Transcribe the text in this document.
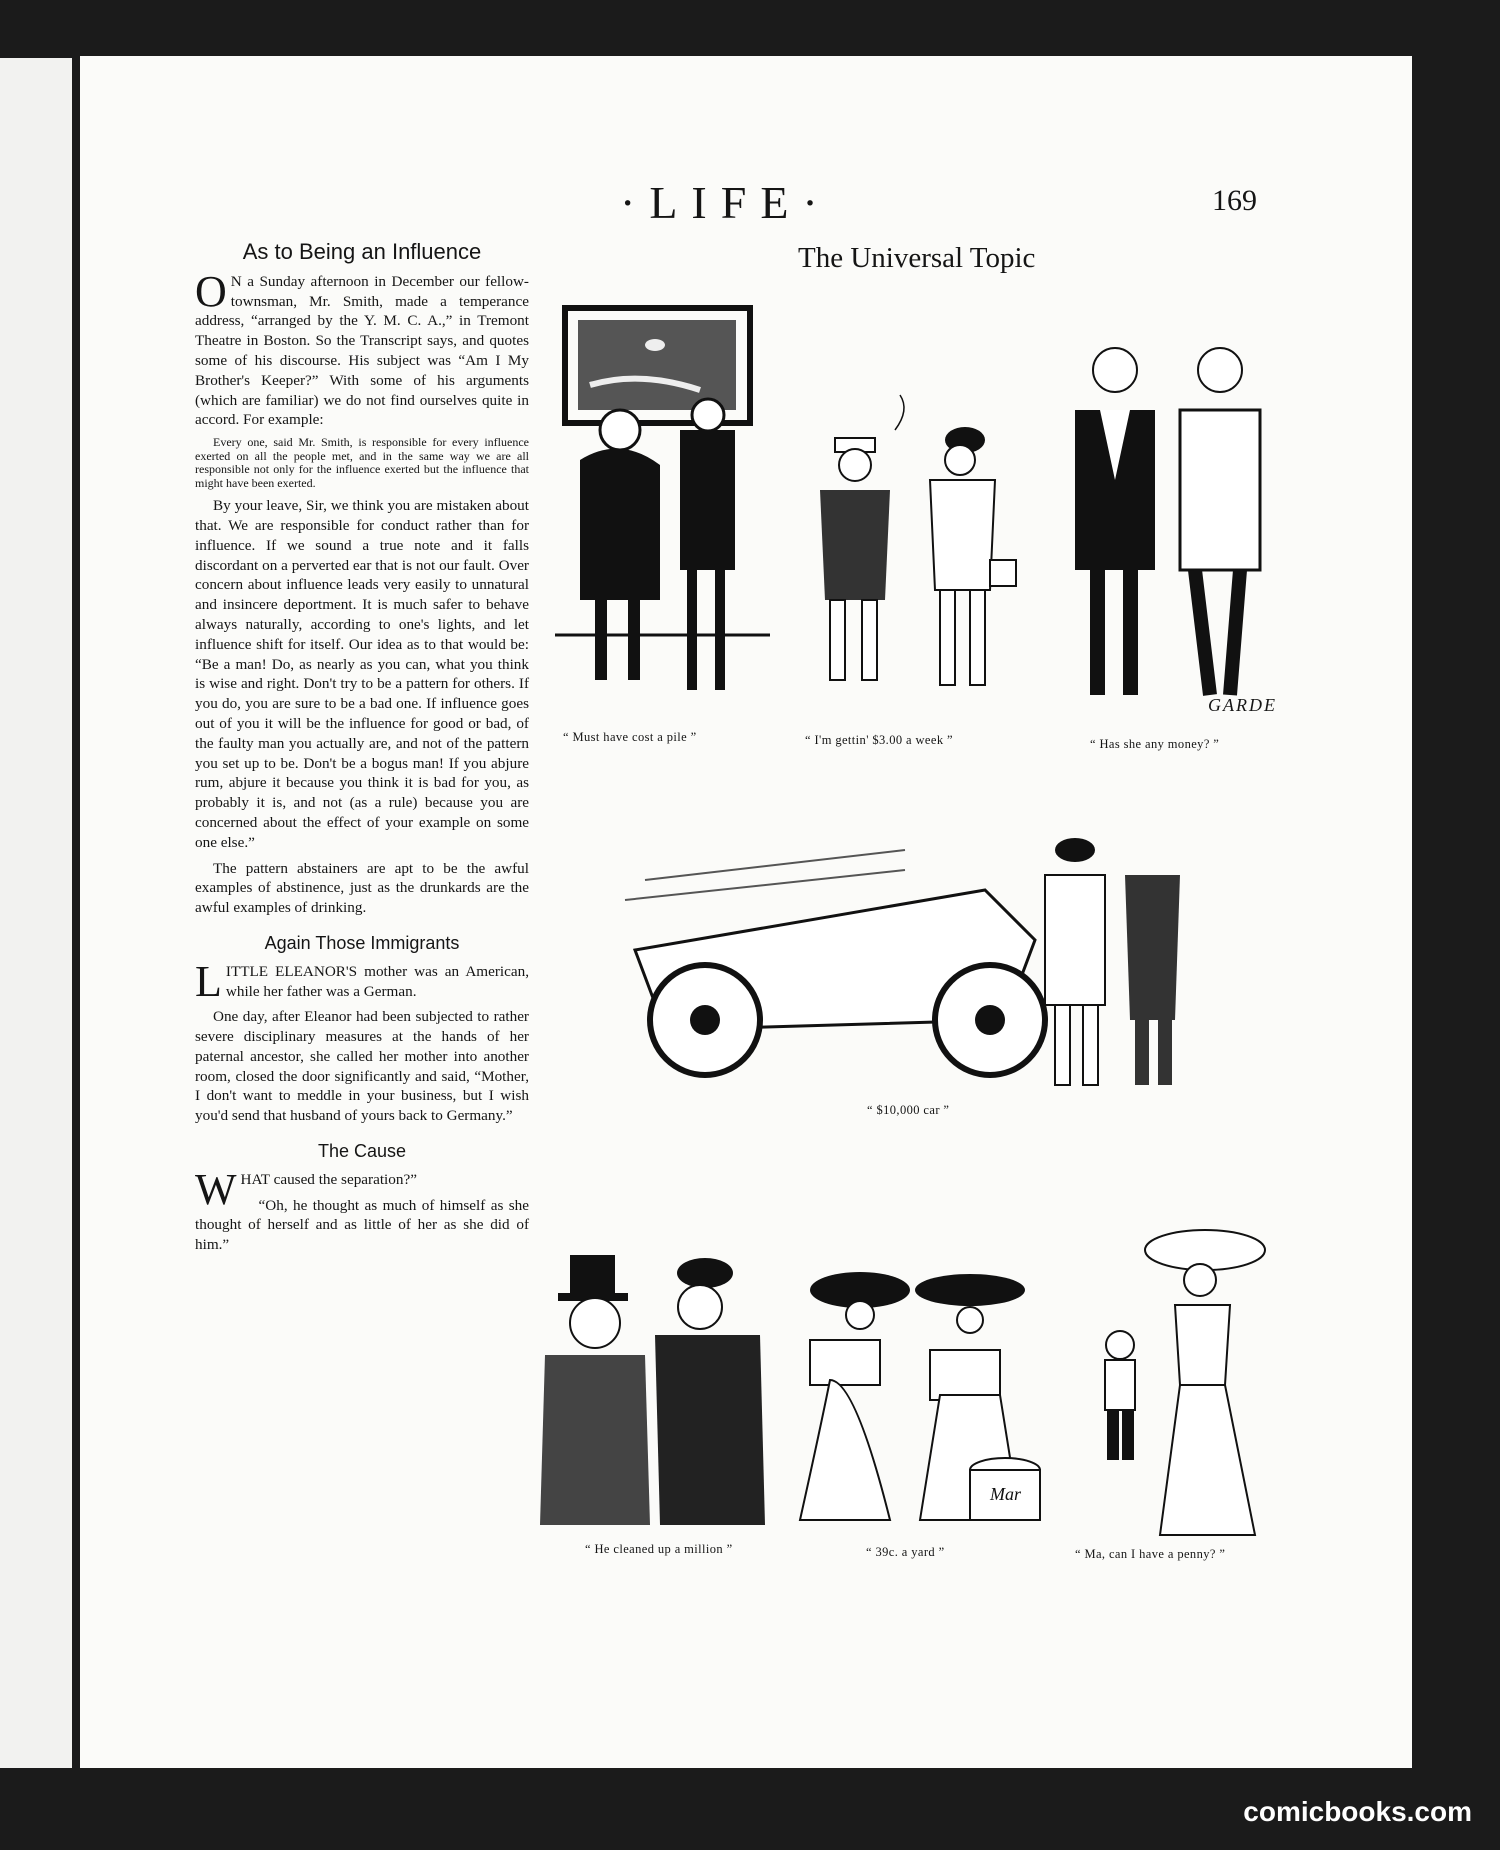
·LIFE·	169
As to Being an Influence

O N a Sunday afternoon in December our fellow-townsman, Mr. Smith, made a temperance address, “arranged by the Y. M. C. A.,” in Tremont Theatre in Boston. So the Transcript says, and quotes some of his discourse. His subject was “Am I My Brother's Keeper?” With some of his arguments (which are familiar) we do not find ourselves quite in accord. For example:

Every one, said Mr. Smith, is responsible for every influence exerted on all the people met, and in the same way we are all responsible not only for the influence exerted but the influence that might have been exerted.

By your leave, Sir, we think you are mistaken about that. We are responsible for conduct rather than for influence. If we sound a true note and it falls discordant on a perverted ear that is not our fault. Over concern about influence leads very easily to unnatural and insincere deportment. It is much safer to behave always naturally, according to one's lights, and let influence shift for itself. Our idea as to that would be: “Be a man! Do, as nearly as you can, what you think is wise and right. Don't try to be a pattern for others. If you do, you are sure to be a bad one. If influence goes out of you it will be the influence for good or bad, of the faulty man you actually are, and not of the pattern you set up to be. Don't be a bogus man! If you abjure rum, abjure it because you think it is bad for you, as probably it is, and not (as a rule) because you are concerned about the effect of your example on some one else.”

The pattern abstainers are apt to be the awful examples of abstinence, just as the drunkards are the awful examples of drinking.

Again Those Immigrants

LITTLE ELEANOR'S mother was an American, while her father was a German.

One day, after Eleanor had been subjected to rather severe disciplinary measures at the hands of her paternal ancestor, she called her mother into another room, closed the door significantly and said, “Mother, I don't want to meddle in your business, but I wish you'd send that husband of yours back to Germany.”

The Cause

WHAT caused the separation?”

“Oh, he thought as much of himself as she thought of herself and as little of her as she did of him.”

The Universal Topic
GARDE
“ Must have cost a pile ”	“ I'm gettin' $3.00 a week ”	“ Has she any money? ”
“ $10,000 car ”
Mar
“ He cleaned up a million ”	“ 39c. a yard ”	“ Ma, can I have a penny? ”
comicbooks.com
